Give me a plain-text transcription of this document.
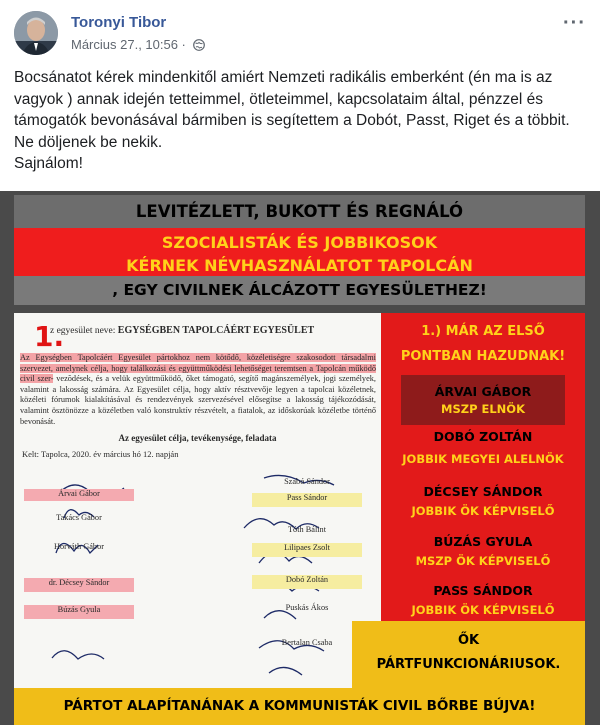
Toronyi Tibor
Március 27., 10:56 ·
···

Bocsánatot kérek mindenkitől amiért Nemzeti radikális emberként (én ma is az vagyok ) annak idején tetteimmel, ötleteimmel, kapcsolataim által, pénzzel és támogatók bevonásával bármiben is segítettem a Dobót, Passt, Riget és a többit. Ne döljenek be nekik.

Sajnálom!

LEVITÉZLETT, BUKOTT ÉS REGNÁLÓ
SZOCIALISTÁK ÉS JOBBIKOSOK
KÉRNEK NÉVHASZNÁLATOT TAPOLCÁN
, EGY CIVILNEK ÁLCÁZOTT EGYESÜLETHEZ!
1.
z egyesület neve: EGYSÉGBEN TAPOLCÁÉRT EGYESÜLET
Az Egységben Tapolcáért Egyesület pártokhoz nem kötődő, közéletiségre szakosodott társadalmi szervezet, amelynek célja, hogy találkozási és együttműködési lehetőséget teremtsen a Tapolcán működő civil szer- vezõdések, és a velük együttműködő, őket támogató, segítő magánszemélyek, jogi személyek, valamint a lakosság számára. Az Egyesület célja, hogy aktív résztvevője legyen a tapolcai közéletnek, közéleti fórumok kialakításával és rendezvények szervezésével elősegítse a lakosság tájékozódását, valamint ösztönözze a közéletben való konstruktív részvételt, a fiatalok, az időskorúak közéletbe történő bevonását.
Az egyesület célja, tevékenysége, feladata
Kelt: Tapolca, 2020. év március hó 12. napján
Árvai Gábor
Takács Gábor
Horváth Gábor
dr. Décsey Sándor
Búzás Gyula
Szabó Sándor
Pass Sándor
Tóth Bálint
Lilipaes Zsolt
Dobó Zoltán
Puskás Ákos
Bertalan Csaba
1.) MÁR AZ ELSŐ
PONTBAN HAZUDNAK!
ÁRVAI GÁBOR
MSZP ELNÖK
DOBÓ ZOLTÁN
JOBBIK MEGYEI ALELNÖK
DÉCSEY SÁNDOR
JOBBIK ÖK KÉPVISELŐ
BÚZÁS GYULA
MSZP ÖK KÉPVISELŐ
PASS SÁNDOR
JOBBIK ÖK KÉPVISELŐ
ŐK
PÁRTFUNKCIONÁRIUSOK.
PÁRTOT ALAPÍTANÁNAK A KOMMUNISTÁK CIVIL BŐRBE BÚJVA!
